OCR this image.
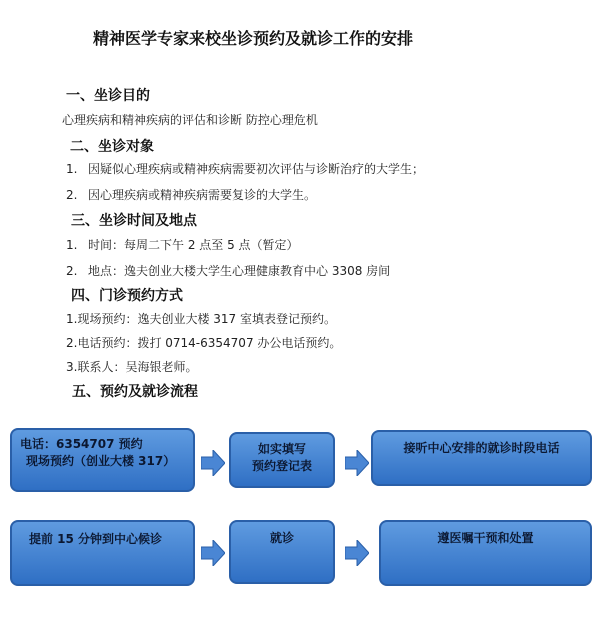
精神医学专家来校坐诊预约及就诊工作的安排
一、坐诊目的
心理疾病和精神疾病的评估和诊断 防控心理危机
二、坐诊对象
1. 因疑似心理疾病或精神疾病需要初次评估与诊断治疗的大学生；
2. 因心理疾病或精神疾病需要复诊的大学生。
三、坐诊时间及地点
1. 时间：每周二下午 2 点至 5 点（暂定）
2. 地点：逸夫创业大楼大学生心理健康教育中心 3308 房间
四、门诊预约方式
1.现场预约：逸夫创业大楼 317 室填表登记预约。
2.电话预约：拨打 0714-6354707 办公电话预约。
3.联系人：吴海银老师。
五、预约及就诊流程
电话：6354707 预约
现场预约（创业大楼 317）
如实填写
预约登记表
接听中心安排的就诊时段电话
提前 15 分钟到中心候诊	就诊	遵医嘱干预和处置
